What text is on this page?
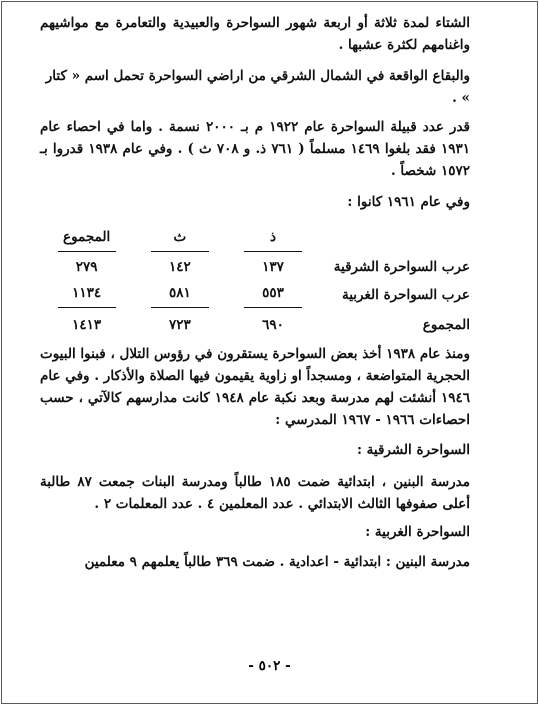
الشتاء لمدة ثلاثة أو اربعة شهور السواحرة والعبيدية والتعامرة مع مواشيهم واغنامهم لكثرة عشبها .

والبقاع الواقعة في الشمال الشرقي من اراضي السواحرة تحمل اسم « كتار » .

قدر عدد قبيلة السواحرة عام ١٩٢٢ م بـ ٢٠٠٠ نسمة . واما في احصاء عام ١٩٣١ فقد بلغوا ١٤٦٩ مسلماً ( ٧٦١ ذ. و ٧٠٨ ث ) . وفي عام ١٩٣٨ قدروا بـ ١٥٧٢ شخصاً .

وفي عام ١٩٦١ كانوا :

	ذ	ث	المجموع
عرب السواحرة الشرقية	١٣٧	١٤٢	٢٧٩
عرب السواحرة الغربية	٥٥٣	٥٨١	١١٣٤
المجموع	٦٩٠	٧٢٣	١٤١٣

ومنذ عام ١٩٣٨ أخذ بعض السواحرة يستقرون في رؤوس التلال ، فبنوا البيوت الحجرية المتواضعة ، ومسجداً او زاوية يقيمون فيها الصلاة والأذكار . وفي عام ١٩٤٦ أنشئت لهم مدرسة وبعد نكبة عام ١٩٤٨ كانت مدارسهم كالآتي ، حسب احصاءات ١٩٦٦ - ١٩٦٧ المدرسي :

السواحرة الشرقية :

مدرسة البنين ، ابتدائية ضمت ١٨٥ طالباً ومدرسة البنات جمعت ٨٧ طالبة أعلى صفوفها الثالث الابتدائي . عدد المعلمين ٤ . عدد المعلمات ٢ .

السواحرة الغربية :

مدرسة البنين : ابتدائية - اعدادية . ضمت ٣٦٩ طالباً يعلمهم ٩ معلمين

- ٥٠٢ -
